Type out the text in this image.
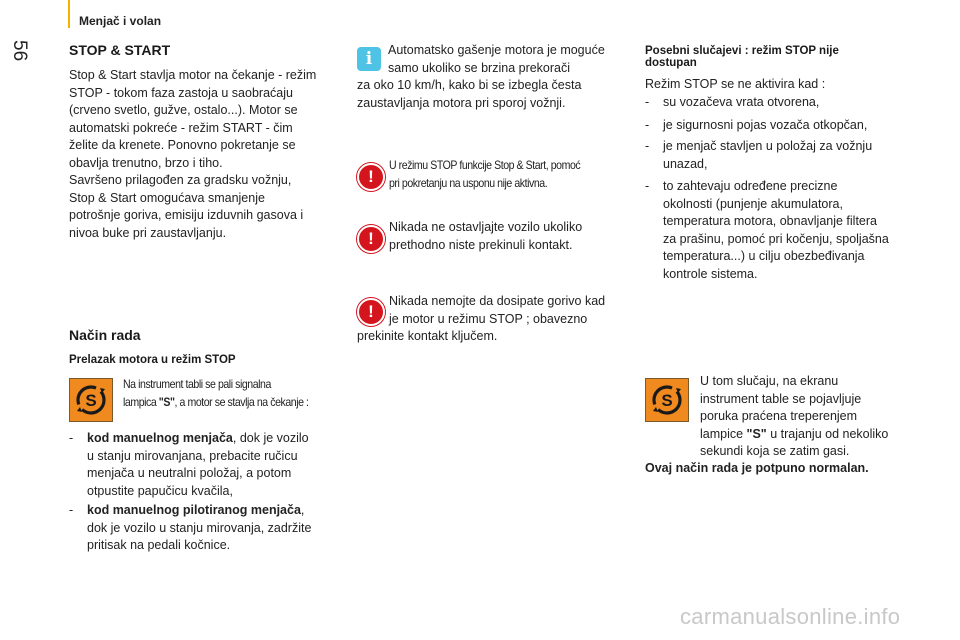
56
Menjač i volan
STOP & START
Stop & Start stavlja motor na čekanje - režim
STOP - tokom faza zastoja u saobraćaju
(crveno svetlo, gužve, ostalo...). Motor se
automatski pokreće - režim START - čim
želite da krenete. Ponovno pokretanje se
obavlja trenutno, brzo i tiho.
Savršeno prilagođen za gradsku vožnju,
Stop & Start omogućava smanjenje
potrošnje goriva, emisiju izduvnih gasova i
nivoa buke pri zaustavljanju.
Način rada
Prelazak motora u režim STOP
S
Na instrument tabli se pali signalna
lampica "S", a motor se stavlja na čekanje :
- kod manuelnog menjača, dok je vozilo
u stanju mirovanjana, prebacite ručicu
menjača u neutralni položaj, a potom
otpustite papučicu kvačila,
- kod manuelnog pilotiranog menjača,
dok je vozilo u stanju mirovanja, zadržite
pritisak na pedali kočnice.
i	Automatsko gašenje motora je moguće
samo ukoliko se brzina prekorači
za oko 10 km/h, kako bi se izbegla česta
zaustavljanja motora pri sporoj vožnji.
!
U režimu STOP funkcije Stop & Start, pomoć
pri pokretanju na usponu nije aktivna.
!
Nikada ne ostavljajte vozilo ukoliko
prethodno niste prekinuli kontakt.
!
Nikada nemojte da dosipate gorivo kad
je motor u režimu STOP ; obavezno
prekinite kontakt ključem.
Posebni slučajevi : režim STOP nije
dostupan
Režim STOP se ne aktivira kad :
- su vozačeva vrata otvorena,
- je sigurnosni pojas vozača otkopčan,
- je menjač stavljen u položaj za vožnju
unazad,
- to zahtevaju određene precizne
okolnosti (punjenje akumulatora,
temperatura motora, obnavljanje filtera
za prašinu, pomoć pri kočenju, spoljašna
temperatura...) u cilju obezbeđivanja
kontrole sistema.
S
U tom slučaju, na ekranu
instrument table se pojavljuje
poruka praćena treperenjem
lampice "S" u trajanju od nekoliko
sekundi koja se zatim gasi.
Ovaj način rada je potpuno normalan.
carmanualsonline.info
